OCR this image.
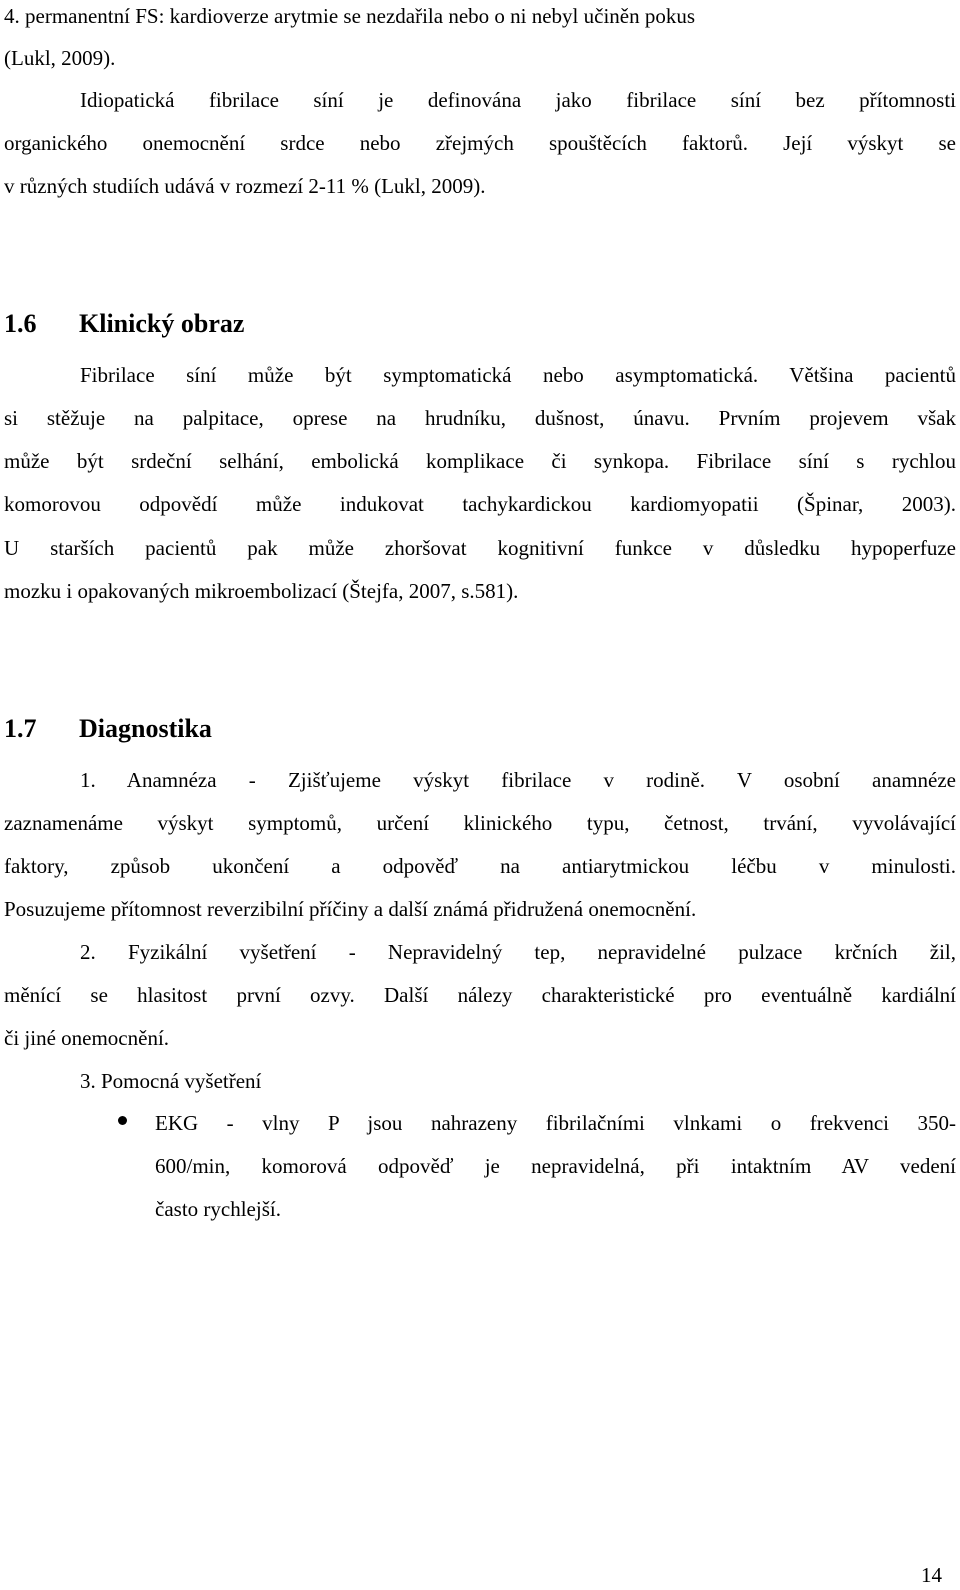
4. permanentní FS: kardioverze arytmie se nezdařila nebo o ni nebyl učiněn pokus

(Lukl, 2009).

Idiopatická fibrilace síní je definována jako fibrilace síní bez přítomnosti

organického onemocnění srdce nebo zřejmých spouštěcích faktorů. Její výskyt se

v různých studiích udává v rozmezí 2-11 % (Lukl, 2009).

1.6 Klinický obraz

Fibrilace síní může být symptomatická nebo asymptomatická. Většina pacientů

si stěžuje na palpitace, oprese na hrudníku, dušnost, únavu. Prvním projevem však

může být srdeční selhání, embolická komplikace či synkopa. Fibrilace síní s rychlou

komorovou odpovědí může indukovat tachykardickou kardiomyopatii (Špinar, 2003).

U starších pacientů pak může zhoršovat kognitivní funkce v důsledku hypoperfuze

mozku i opakovaných mikroembolizací (Štejfa, 2007, s.581).

1.7 Diagnostika

1. Anamnéza - Zjišťujeme výskyt fibrilace v rodině. V osobní anamnéze

zaznamenáme výskyt symptomů, určení klinického typu, četnost, trvání, vyvolávající

faktory, způsob ukončení a odpověď na antiarytmickou léčbu v minulosti.

Posuzujeme přítomnost reverzibilní příčiny a další známá přidružená onemocnění.

2. Fyzikální vyšetření - Nepravidelný tep, nepravidelné pulzace krčních žil,

měnící se hlasitost první ozvy. Další nálezy charakteristické pro eventuálně kardiální

či jiné onemocnění.

3. Pomocná vyšetření

EKG - vlny P jsou nahrazeny fibrilačními vlnkami o frekvenci 350-

600/min, komorová odpověď je nepravidelná, při intaktním AV vedení

často rychlejší.

14
